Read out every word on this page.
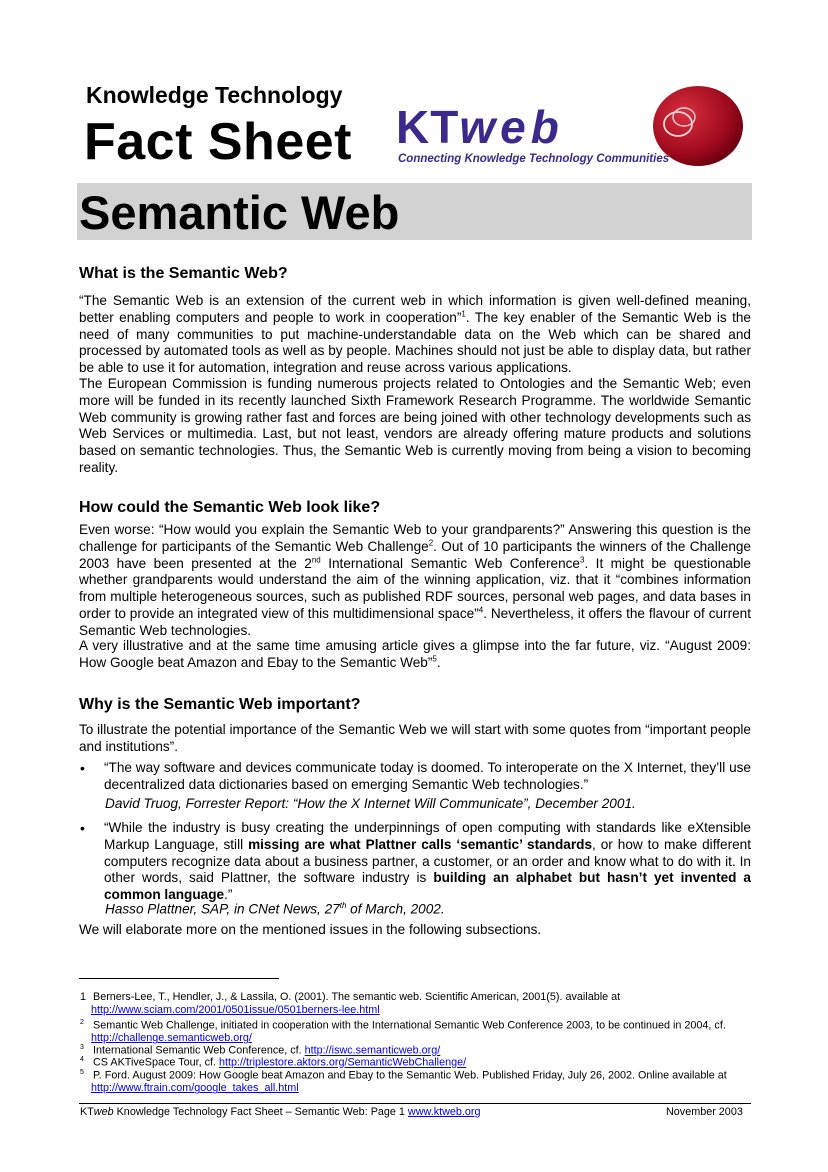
Knowledge Technology
Fact Sheet KTweb
Connecting Knowledge Technology Communities
Semantic Web
What is the Semantic Web?
“The Semantic Web is an extension of the current web in which information is given well-defined meaning, better enabling computers and people to work in cooperation”$^1$. The key enabler of the Semantic Web is the need of many communities to put machine-understandable data on the Web which can be shared and processed by automated tools as well as by people. Machines should not just be able to display data, but rather be able to use it for automation, integration and reuse across various applications.
The European Commission is funding numerous projects related to Ontologies and the Semantic Web; even more will be funded in its recently launched Sixth Framework Research Programme. The worldwide Semantic Web community is growing rather fast and forces are being joined with other technology developments such as Web Services or multimedia. Last, but not least, vendors are already offering mature products and solutions based on semantic technologies. Thus, the Semantic Web is currently moving from being a vision to becoming reality.
How could the Semantic Web look like?
Even worse: “How would you explain the Semantic Web to your grandparents?” Answering this question is the challenge for participants of the Semantic Web Challenge$^2$. Out of 10 participants the winners of the Challenge 2003 have been presented at the 2nd International Semantic Web Conference$^3$. It might be questionable whether grandparents would understand the aim of the winning application, viz. that it “combines information from multiple heterogeneous sources, such as published RDF sources, personal web pages, and data bases in order to provide an integrated view of this multidimensional space”$^4$. Nevertheless, it offers the flavour of current Semantic Web technologies.
A very illustrative and at the same time amusing article gives a glimpse into the far future, viz. “August 2009: How Google beat Amazon and Ebay to the Semantic Web”$^5$.
Why is the Semantic Web important?
To illustrate the potential importance of the Semantic Web we will start with some quotes from “important people and institutions”.
• “The way software and devices communicate today is doomed. To interoperate on the X Internet, they’ll use decentralized data dictionaries based on emerging Semantic Web technologies.”
David Truog, Forrester Report: “How the X Internet Will Communicate”, December 2001.
• “While the industry is busy creating the underpinnings of open computing with standards like eXtensible Markup Language, still missing are what Plattner calls ‘semantic’ standards, or how to make different computers recognize data about a business partner, a customer, or an order and know what to do with it. In other words, said Plattner, the software industry is building an alphabet but hasn’t yet invented a common language.”
Hasso Plattner, SAP, in CNet News, 27th of March, 2002.
We will elaborate more on the mentioned issues in the following subsections.
1 Berners-Lee, T., Hendler, J., & Lassila, O. (2001). The semantic web. Scientific American, 2001(5). available at
http://www.sciam.com/2001/0501issue/0501berners-lee.html
$^2$ Semantic Web Challenge, initiated in cooperation with the International Semantic Web Conference 2003, to be continued in 2004, cf.
http://challenge.semanticweb.org/
$^3$ International Semantic Web Conference, cf. http://iswc.semanticweb.org/
$^4$ CS AKTiveSpace Tour, cf. http://triplestore.aktors.org/SemanticWebChallenge/
$^5$ P. Ford. August 2009: How Google beat Amazon and Ebay to the Semantic Web. Published Friday, July 26, 2002. Online available at
http://www.ftrain.com/google_takes_all.html
KTweb Knowledge Technology Fact Sheet – Semantic Web: Page 1 www.ktweb.org	November 2003
